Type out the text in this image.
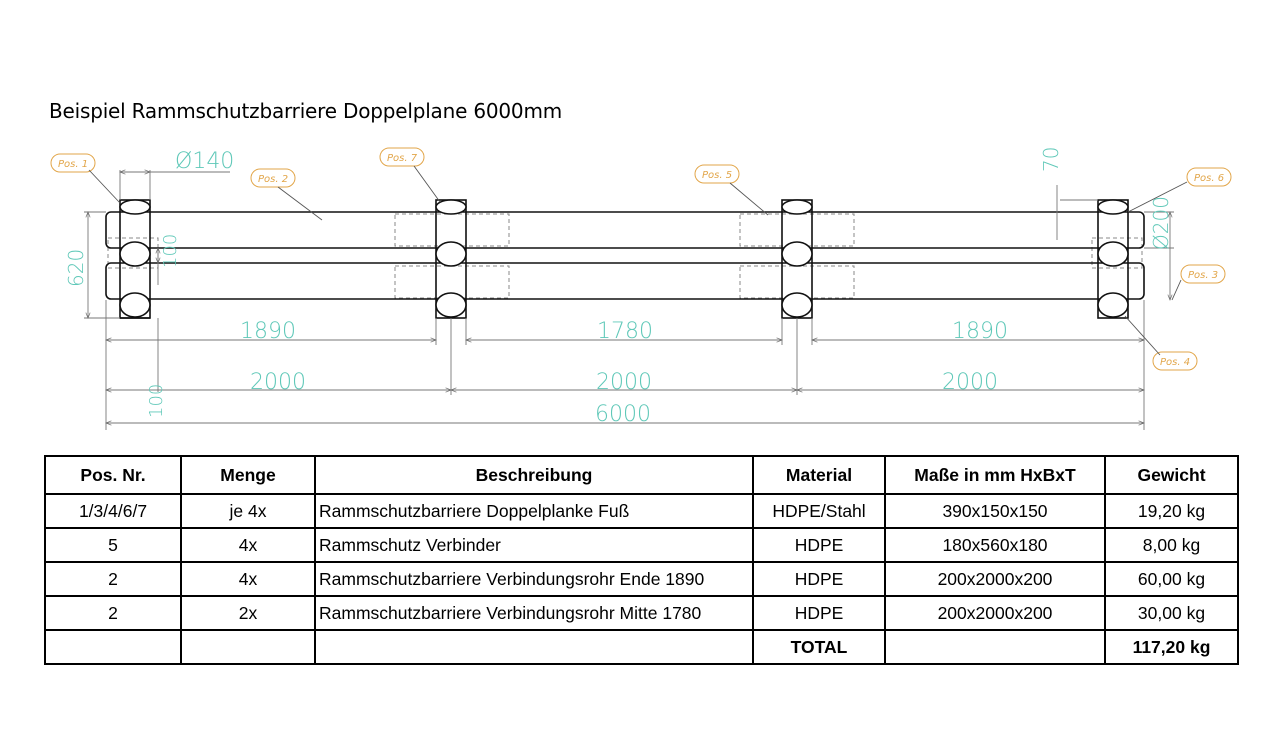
Beispiel Rammschutzbarriere Doppelplane 6000mm
Ø140
620	100
100
70
Ø200
1890	1780	1890
2000	2000	2000
6000
Pos. 1
Pos. 2
Pos. 7
Pos. 5	Pos. 6
Pos. 3
Pos. 4
Pos. Nr.	Menge	Beschreibung	Material	Maße in mm HxBxT	Gewicht
1/3/4/6/7	je 4x	Rammschutzbarriere Doppelplanke Fuß	HDPE/Stahl	390x150x150	19,20 kg
5	4x	Rammschutz Verbinder	HDPE	180x560x180	8,00 kg
2	4x	Rammschutzbarriere Verbindungsrohr Ende 1890	HDPE	200x2000x200	60,00 kg
2	2x	Rammschutzbarriere Verbindungsrohr Mitte 1780	HDPE	200x2000x200	30,00 kg
			TOTAL		117,20 kg
